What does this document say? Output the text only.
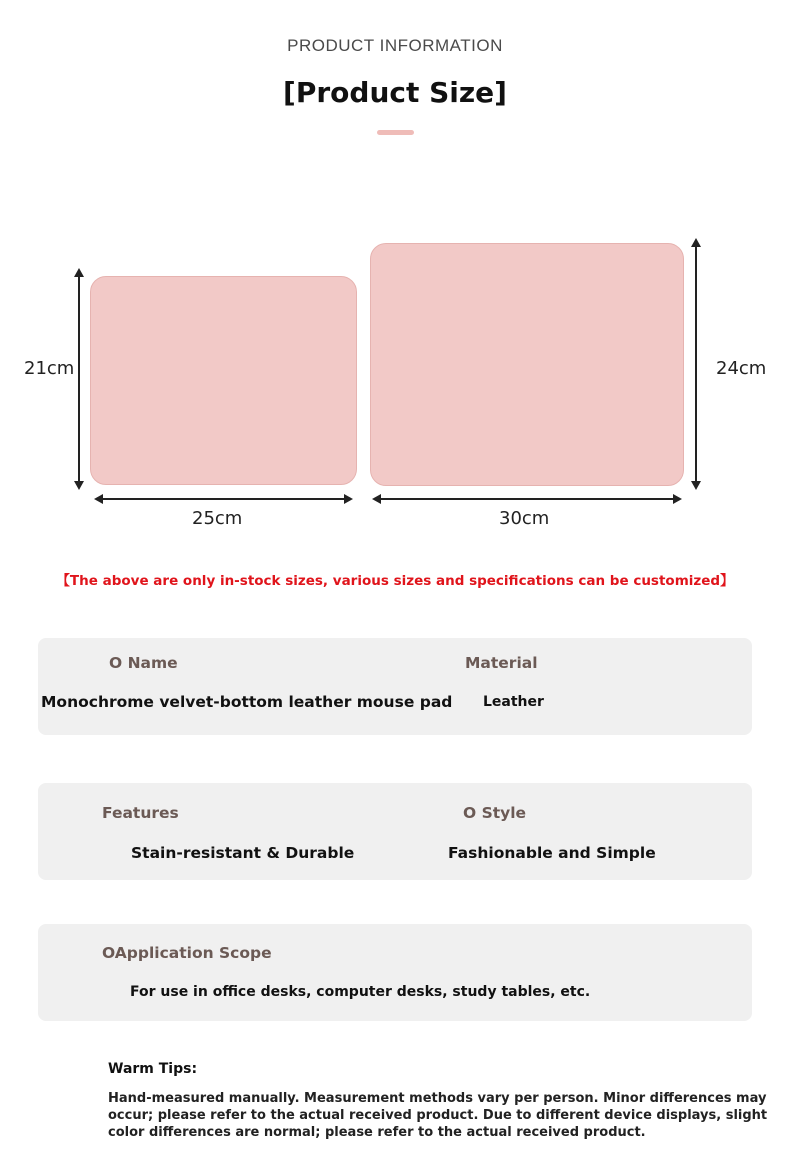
PRODUCT INFORMATION
[Product Size]
21cm
25cm
24cm
30cm
【The above are only in-stock sizes, various sizes and specifications can be customized】
O Name
Monochrome velvet-bottom leather mouse pad
Material
Leather
Features
Stain-resistant & Durable
O Style
Fashionable and Simple
OApplication Scope
For use in office desks, computer desks, study tables, etc.
Warm Tips:
Hand-measured manually. Measurement methods vary per person. Minor differences may occur; please refer to the actual received product. Due to different device displays, slight color differences are normal; please refer to the actual received product.
